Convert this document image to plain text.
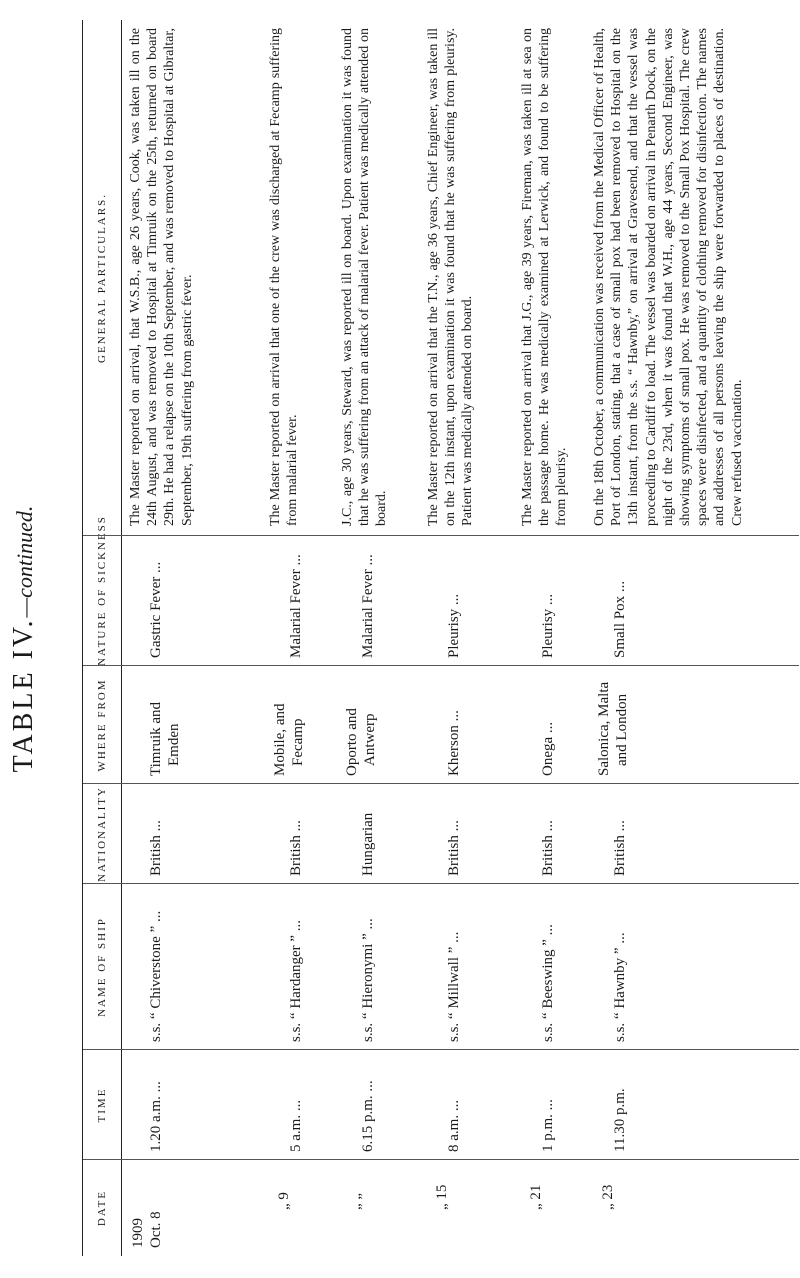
TABLE IV.—continued.
DATE
TIME
NAME OF SHIP
NATIONALITY
WHERE FROM
NATURE OF SICKNESS
GENERAL PARTICULARS.
1909 Oct. 8
1.20 a.m. ...
s.s. “ Chiverstone ” ...
British ...
Timruik and Emden
Gastric Fever ...
The Master reported on arrival, that W.S.B., age 26 years, Cook, was taken ill on the 24th August, and was removed to Hospital at Timruik on the 25th, returned on board 29th. He had a relapse on the 10th September, and was removed to Hospital at Gibraltar, September, 19th suffering from gastric fever.
„ 9
5 a.m. ...
s.s. “ Hardanger ” ...
British ...
Mobile, and Fecamp
Malarial Fever ...
The Master reported on arrival that one of the crew was discharged at Fecamp suffering from malarial fever.
„ „
6.15 p.m. ...
s.s. “ Hieronymi ” ...
Hungarian
Oporto and Antwerp
Malarial Fever ...
J.C., age 30 years, Steward, was reported ill on board. Upon examination it was found that he was suffering from an attack of malarial fever. Patient was medically attended on board.
„ 15
8 a.m. ...
s.s. “ Millwall ” ...
British ...
Kherson ...
Pleurisy ...
The Master reported on arrival that the T.N., age 36 years, Chief Engineer, was taken ill on the 12th instant, upon examination it was found that he was suffering from pleurisy. Patient was medically attended on board.
„ 21
1 p.m. ...
s.s. “ Beeswing ” ...
British ...
Onega ...
Pleurisy ...
The Master reported on arrival that J.G., age 39 years, Fireman, was taken ill at sea on the passage home. He was medically examined at Lerwick, and found to be suffering from pleurisy.
„ 23
11.30 p.m.
s.s. “ Hawnby ” ...
British ...
Salonica, Malta and London
Small Pox ...
On the 18th October, a communication was received from the Medical Officer of Health, Port of London, stating, that a case of small pox had been removed to Hospital on the 13th instant, from the s.s. “ Hawnby,” on arrival at Gravesend, and that the vessel was proceeding to Cardiff to load. The vessel was boarded on arrival in Penarth Dock, on the night of the 23rd, when it was found that W.H., age 44 years, Second Engineer, was showing symptoms of small pox. He was removed to the Small Pox Hospital. The crew spaces were disinfected, and a quantity of clothing removed for disinfection. The names and addresses of all persons leaving the ship were forwarded to places of destination. Crew refused vaccination.
